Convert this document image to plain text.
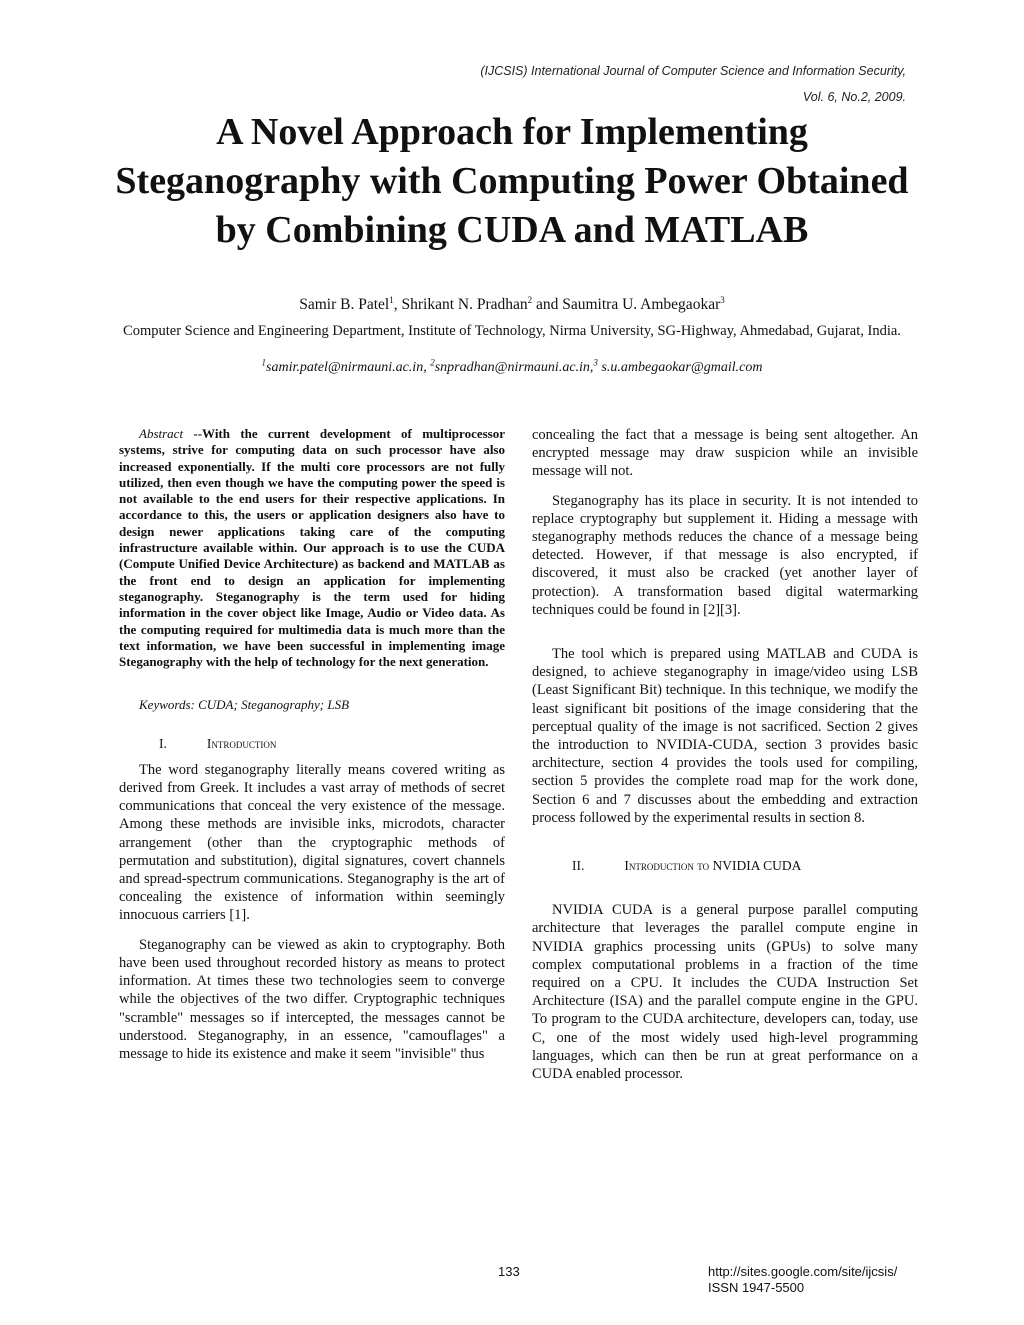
(IJCSIS) International Journal of Computer Science and Information Security,
Vol. 6, No.2, 2009.
A Novel Approach for Implementing Steganography with Computing Power Obtained by Combining CUDA and MATLAB
Samir B. Patel$^1$, Shrikant N. Pradhan$^2$ and Saumitra U. Ambegaokar$^3$
Computer Science and Engineering Department, Institute of Technology, Nirma University, SG-Highway, Ahmedabad, Gujarat, India.
$^1$samir.patel@nirmauni.ac.in, $^2$snpradhan@nirmauni.ac.in,$^3$ s.u.ambegaokar@gmail.com

Abstract --With the current development of multiprocessor systems, strive for computing data on such processor have also increased exponentially. If the multi core processors are not fully utilized, then even though we have the computing power the speed is not available to the end users for their respective applications. In accordance to this, the users or application designers also have to design newer applications taking care of the computing infrastructure available within. Our approach is to use the CUDA (Compute Unified Device Architecture) as backend and MATLAB as the front end to design an application for implementing steganography. Steganography is the term used for hiding information in the cover object like Image, Audio or Video data. As the computing required for multimedia data is much more than the text information, we have been successful in implementing image Steganography with the help of technology for the next generation.

Keywords: CUDA; Steganography; LSB

I.	Introduction

The word steganography literally means covered writing as derived from Greek. It includes a vast array of methods of secret communications that conceal the very existence of the message. Among these methods are invisible inks, microdots, character arrangement (other than the cryptographic methods of permutation and substitution), digital signatures, covert channels and spread-spectrum communications. Steganography is the art of concealing the existence of information within seemingly innocuous carriers [1].

Steganography can be viewed as akin to cryptography. Both have been used throughout recorded history as means to protect information. At times these two technologies seem to converge while the objectives of the two differ. Cryptographic techniques "scramble" messages so if intercepted, the messages cannot be understood. Steganography, in an essence, "camouflages" a message to hide its existence and make it seem "invisible" thus

concealing the fact that a message is being sent altogether. An encrypted message may draw suspicion while an invisible message will not.

Steganography has its place in security. It is not intended to replace cryptography but supplement it. Hiding a message with steganography methods reduces the chance of a message being detected. However, if that message is also encrypted, if discovered, it must also be cracked (yet another layer of protection). A transformation based digital watermarking techniques could be found in [2][3].

The tool which is prepared using MATLAB and CUDA is designed, to achieve steganography in image/video using LSB (Least Significant Bit) technique. In this technique, we modify the least significant bit positions of the image considering that the perceptual quality of the image is not sacrificed. Section 2 gives the introduction to NVIDIA-CUDA, section 3 provides basic architecture, section 4 provides the tools used for compiling, section 5 provides the complete road map for the work done, Section 6 and 7 discusses about the embedding and extraction process followed by the experimental results in section 8.

II.	Introduction to NVIDIA CUDA

NVIDIA CUDA is a general purpose parallel computing architecture that leverages the parallel compute engine in NVIDIA graphics processing units (GPUs) to solve many complex computational problems in a fraction of the time required on a CPU. It includes the CUDA Instruction Set Architecture (ISA) and the parallel compute engine in the GPU. To program to the CUDA architecture, developers can, today, use C, one of the most widely used high-level programming languages, which can then be run at great performance on a CUDA enabled processor.

133	http://sites.google.com/site/ijcsis/
ISSN 1947-5500
